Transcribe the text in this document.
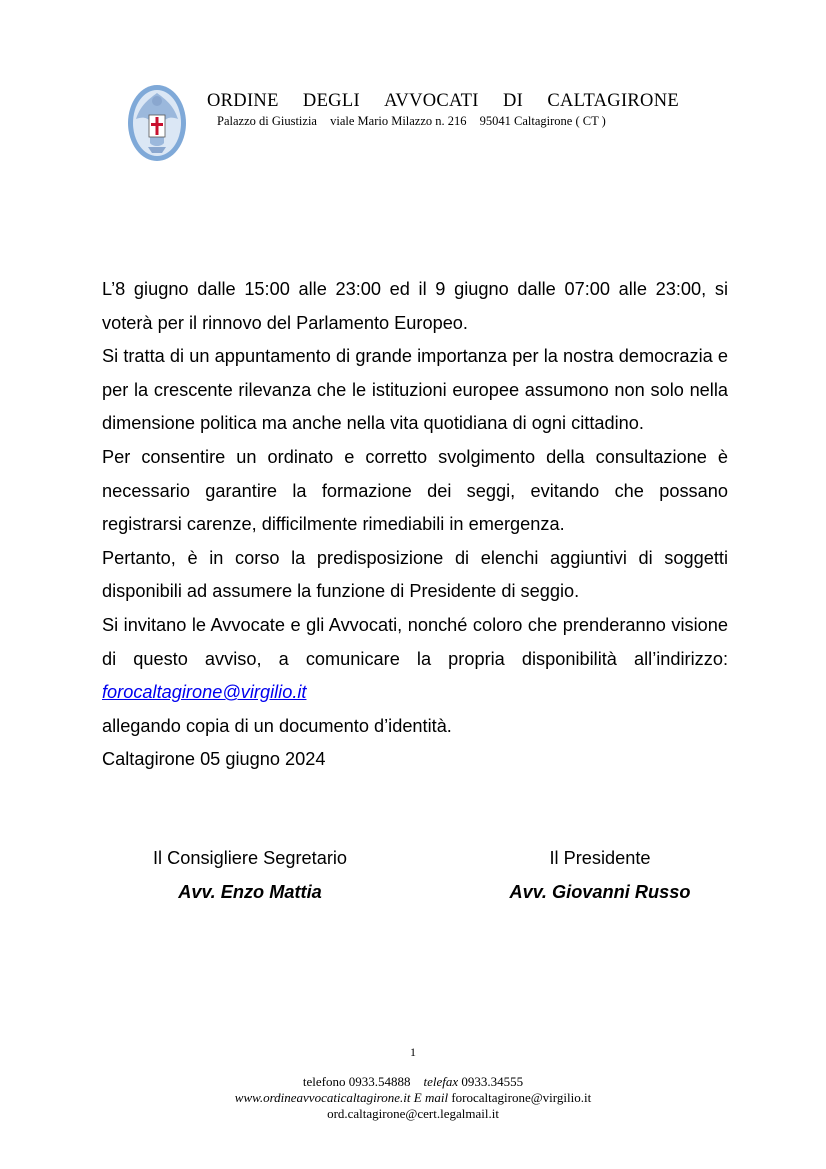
ORDINE DEGLI AVVOCATI DI CALTAGIRONE
Palazzo di Giustizia viale Mario Milazzo n. 216 95041 Caltagirone ( CT )

L’8 giugno dalle 15:00 alle 23:00 ed il 9 giugno dalle 07:00 alle 23:00, si voterà per il rinnovo del Parlamento Europeo.

Si tratta di un appuntamento di grande importanza per la nostra democrazia e per la crescente rilevanza che le istituzioni europee assumono non solo nella dimensione politica ma anche nella vita quotidiana di ogni cittadino.

Per consentire un ordinato e corretto svolgimento della consultazione è necessario garantire la formazione dei seggi, evitando che possano registrarsi carenze, difficilmente rimediabili in emergenza.

Pertanto, è in corso la predisposizione di elenchi aggiuntivi di soggetti disponibili ad assumere la funzione di Presidente di seggio.

Si invitano le Avvocate e gli Avvocati, nonché coloro che prenderanno visione di questo avviso, a comunicare la propria disponibilità all’indirizzo: forocaltagirone@virgilio.it

allegando copia di un documento d’identità.

Caltagirone 05 giugno 2024

Il Consigliere Segretario
Avv. Enzo Mattia
Il Presidente
Avv. Giovanni Russo
1
telefono 0933.54888 telefax 0933.34555
www.ordineavvocaticaltagirone.it E mail forocaltagirone@virgilio.it
ord.caltagirone@cert.legalmail.it
